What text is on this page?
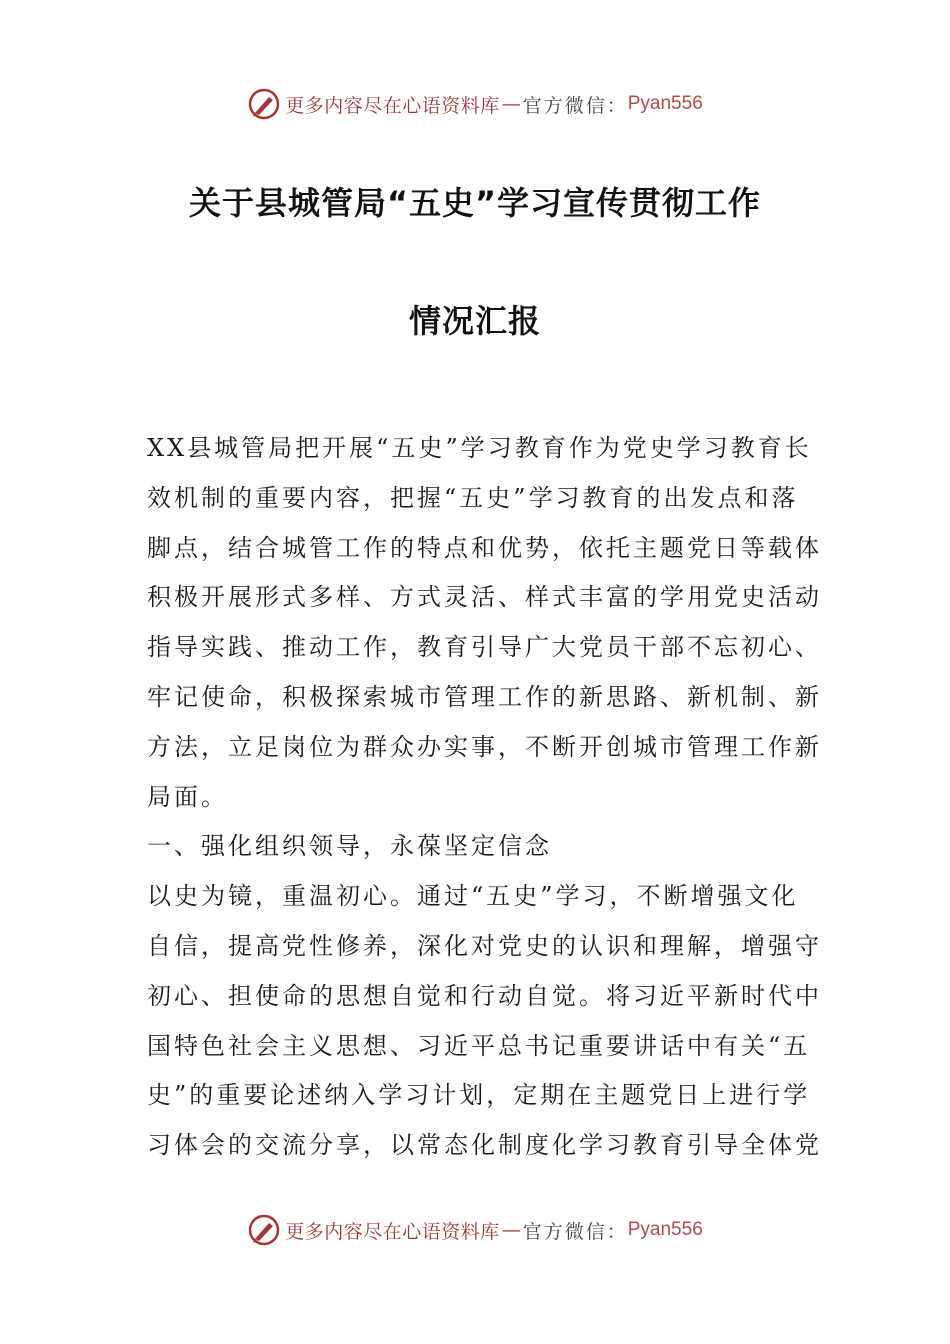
更多内容尽在心语资料库 — 官方微信： Pyan556
关于县城管局“五史”学习宣传贯彻工作
情况汇报
XX县城管局把开展“五史”学习教育作为党史学习教育长
效机制的重要内容，把握“五史”学习教育的出发点和落
脚点，结合城管工作的特点和优势，依托主题党日等载体
积极开展形式多样、方式灵活、样式丰富的学用党史活动
指导实践、推动工作，教育引导广大党员干部不忘初心、
牢记使命，积极探索城市管理工作的新思路、新机制、新
方法，立足岗位为群众办实事，不断开创城市管理工作新
局面。
一、强化组织领导，永葆坚定信念
以史为镜，重温初心。通过“五史”学习，不断增强文化
自信，提高党性修养，深化对党史的认识和理解，增强守
初心、担使命的思想自觉和行动自觉。将习近平新时代中
国特色社会主义思想、习近平总书记重要讲话中有关“五
史”的重要论述纳入学习计划，定期在主题党日上进行学
习体会的交流分享，以常态化制度化学习教育引导全体党
更多内容尽在心语资料库 — 官方微信： Pyan556
